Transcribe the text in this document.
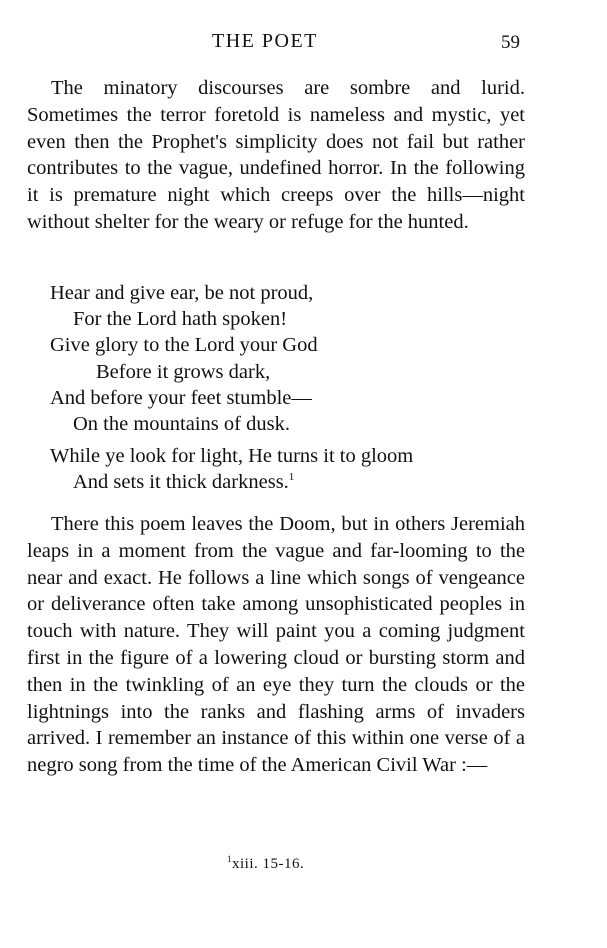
THE POET	59

The minatory discourses are sombre and lurid. Sometimes the terror foretold is nameless and mystic, yet even then the Prophet's simplicity does not fail but rather contributes to the vague, undefined horror. In the following it is premature night which creeps over the hills—night without shelter for the weary or refuge for the hunted.

Hear and give ear, be not proud,
For the Lord hath spoken!
Give glory to the Lord your God
Before it grows dark,
And before your feet stumble—
On the mountains of dusk.
While ye look for light, He turns it to gloom
And sets it thick darkness.$^1$

There this poem leaves the Doom, but in others Jeremiah leaps in a moment from the vague and far-looming to the near and exact. He follows a line which songs of vengeance or deliverance often take among unsophisticated peoples in touch with nature. They will paint you a coming judgment first in the figure of a lowering cloud or bursting storm and then in the twinkling of an eye they turn the clouds or the lightnings into the ranks and flashing arms of invaders arrived. I remember an instance of this within one verse of a negro song from the time of the American Civil War :—

$^1$xiii. 15-16.
